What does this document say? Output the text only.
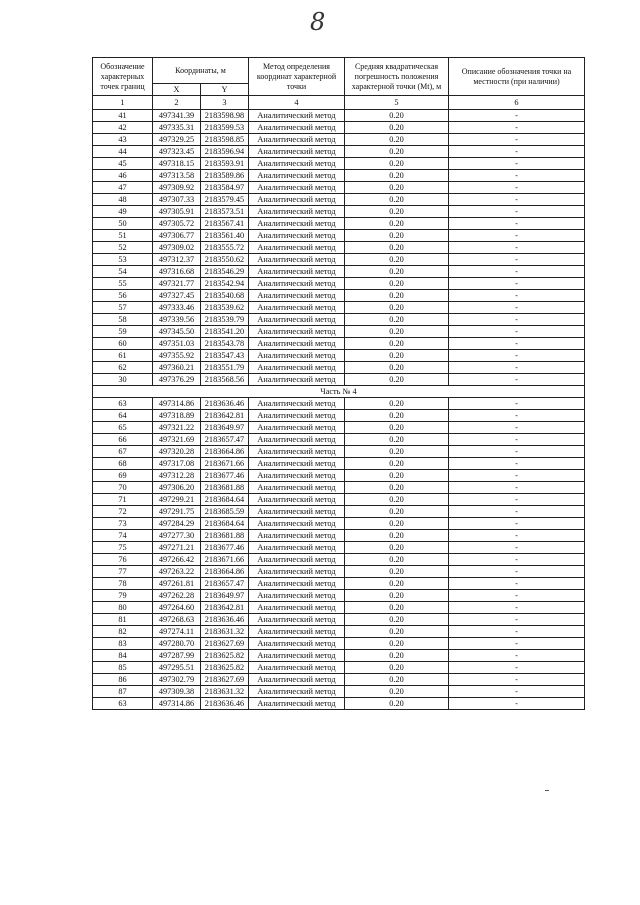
8
Обозначение характерных точек границ	Координаты, м		Метод определения координат характерной точки	Средняя квадратическая погрешность положения характерной точки (Mt), м	Описание обозначения точки на местности (при наличии)
	X	Y			
1	2	3	4	5	6
41	497341.39	2183598.98	Аналитический метод	0.20	-
42	497335.31	2183599.53	Аналитический метод	0.20	-
43	497329.25	2183598.85	Аналитический метод	0.20	-
44	497323.45	2183596.94	Аналитический метод	0.20	-
45	497318.15	2183593.91	Аналитический метод	0.20	-
46	497313.58	2183589.86	Аналитический метод	0.20	-
47	497309.92	2183584.97	Аналитический метод	0.20	-
48	497307.33	2183579.45	Аналитический метод	0.20	-
49	497305.91	2183573.51	Аналитический метод	0.20	-
50	497305.72	2183567.41	Аналитический метод	0.20	-
51	497306.77	2183561.40	Аналитический метод	0.20	-
52	497309.02	2183555.72	Аналитический метод	0.20	-
53	497312.37	2183550.62	Аналитический метод	0.20	-
54	497316.68	2183546.29	Аналитический метод	0.20	-
55	497321.77	2183542.94	Аналитический метод	0.20	-
56	497327.45	2183540.68	Аналитический метод	0.20	-
57	497333.46	2183539.62	Аналитический метод	0.20	-
58	497339.56	2183539.79	Аналитический метод	0.20	-
59	497345.50	2183541.20	Аналитический метод	0.20	-
60	497351.03	2183543.78	Аналитический метод	0.20	-
61	497355.92	2183547.43	Аналитический метод	0.20	-
62	497360.21	2183551.79	Аналитический метод	0.20	-
30	497376.29	2183568.56	Аналитический метод	0.20	-
Часть № 4					
63	497314.86	2183636.46	Аналитический метод	0.20	-
64	497318.89	2183642.81	Аналитический метод	0.20	-
65	497321.22	2183649.97	Аналитический метод	0.20	-
66	497321.69	2183657.47	Аналитический метод	0.20	-
67	497320.28	2183664.86	Аналитический метод	0.20	-
68	497317.08	2183671.66	Аналитический метод	0.20	-
69	497312.28	2183677.46	Аналитический метод	0.20	-
70	497306.20	2183681.88	Аналитический метод	0.20	-
71	497299.21	2183684.64	Аналитический метод	0.20	-
72	497291.75	2183685.59	Аналитический метод	0.20	-
73	497284.29	2183684.64	Аналитический метод	0.20	-
74	497277.30	2183681.88	Аналитический метод	0.20	-
75	497271.21	2183677.46	Аналитический метод	0.20	-
76	497266.42	2183671.66	Аналитический метод	0.20	-
77	497263.22	2183664.86	Аналитический метод	0.20	-
78	497261.81	2183657.47	Аналитический метод	0.20	-
79	497262.28	2183649.97	Аналитический метод	0.20	-
80	497264.60	2183642.81	Аналитический метод	0.20	-
81	497268.63	2183636.46	Аналитический метод	0.20	-
82	497274.11	2183631.32	Аналитический метод	0.20	-
83	497280.70	2183627.69	Аналитический метод	0.20	-
84	497287.99	2183625.82	Аналитический метод	0.20	-
85	497295.51	2183625.82	Аналитический метод	0.20	-
86	497302.79	2183627.69	Аналитический метод	0.20	-
87	497309.38	2183631.32	Аналитический метод	0.20	-
63	497314.86	2183636.46	Аналитический метод	0.20	-
